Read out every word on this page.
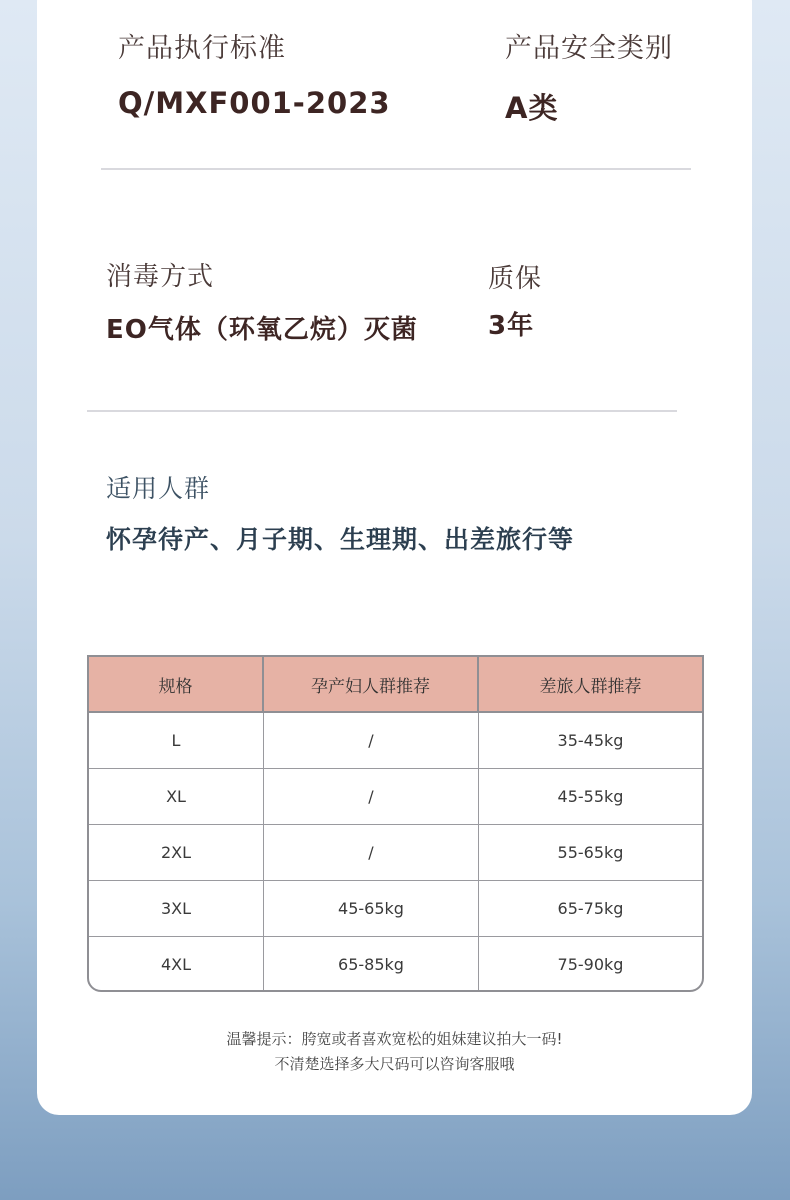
产品执行标准
Q/MXF001-2023
产品安全类别
A类
消毒方式
EO气体（环氧乙烷）灭菌
质保
3年
适用人群
怀孕待产、月子期、生理期、出差旅行等
规格	孕产妇人群推荐	差旅人群推荐
L	/	35-45kg
XL	/	45-55kg
2XL	/	55-65kg
3XL	45-65kg	65-75kg
4XL	65-85kg	75-90kg
温馨提示：胯宽或者喜欢宽松的姐妹建议拍大一码!
不清楚选择多大尺码可以咨询客服哦
